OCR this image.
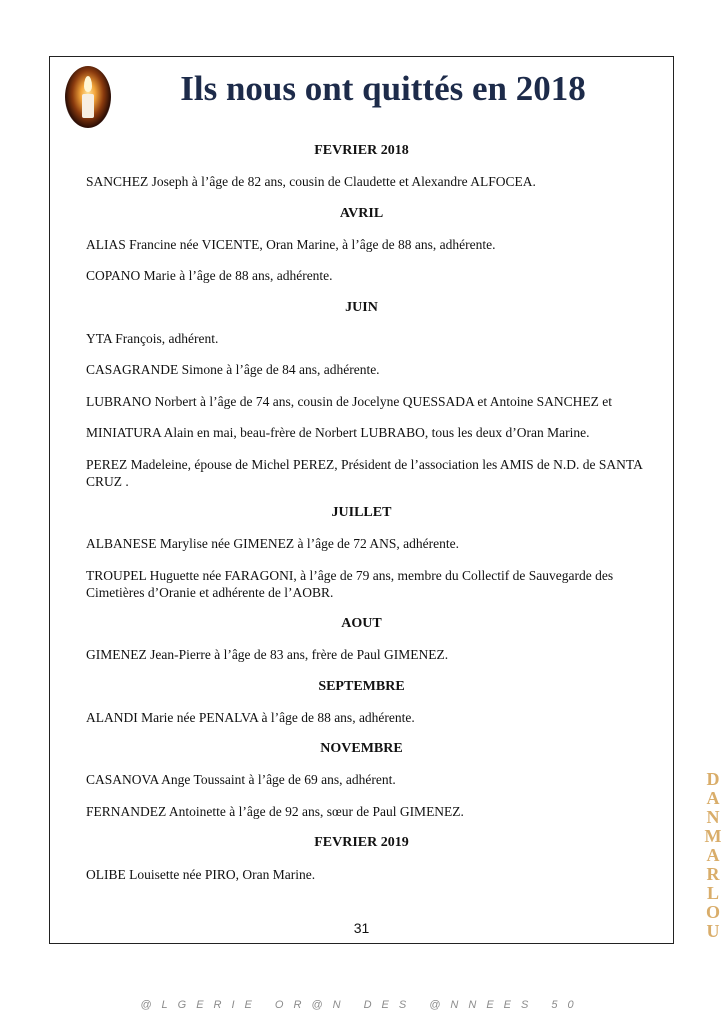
Ils nous ont quittés en 2018
FEVRIER 2018
SANCHEZ Joseph à l’âge de 82 ans, cousin de Claudette et Alexandre ALFOCEA.
AVRIL
ALIAS Francine née VICENTE, Oran Marine, à l’âge de 88 ans, adhérente.
COPANO Marie à l’âge de 88 ans, adhérente.
JUIN
YTA François, adhérent.
CASAGRANDE Simone à l’âge de 84 ans, adhérente.
LUBRANO Norbert à l’âge de 74 ans, cousin de Jocelyne QUESSADA et Antoine SANCHEZ et
MINIATURA Alain en mai, beau-frère de Norbert LUBRABO, tous les deux d’Oran Marine.
PEREZ Madeleine, épouse de Michel PEREZ, Président de l’association les AMIS de N.D. de SANTA CRUZ .
JUILLET
ALBANESE Marylise née GIMENEZ à l’âge de 72 ANS, adhérente.
TROUPEL Huguette née FARAGONI, à l’âge de 79 ans, membre du Collectif de Sauvegarde des Cimetières d’Oranie et adhérente de l’AOBR.
AOUT
GIMENEZ Jean-Pierre à l’âge de 83 ans, frère de Paul GIMENEZ.
SEPTEMBRE
ALANDI Marie née PENALVA à l’âge de 88 ans, adhérente.
NOVEMBRE
CASANOVA Ange Toussaint à l’âge de 69 ans, adhérent.
FERNANDEZ Antoinette à l’âge de 92 ans, sœur de Paul GIMENEZ.
FEVRIER 2019
OLIBE Louisette née PIRO, Oran Marine.
31
D
A
N
M
A
R
L
O
U
@LGERIE OR@N DES @NNEES 50
